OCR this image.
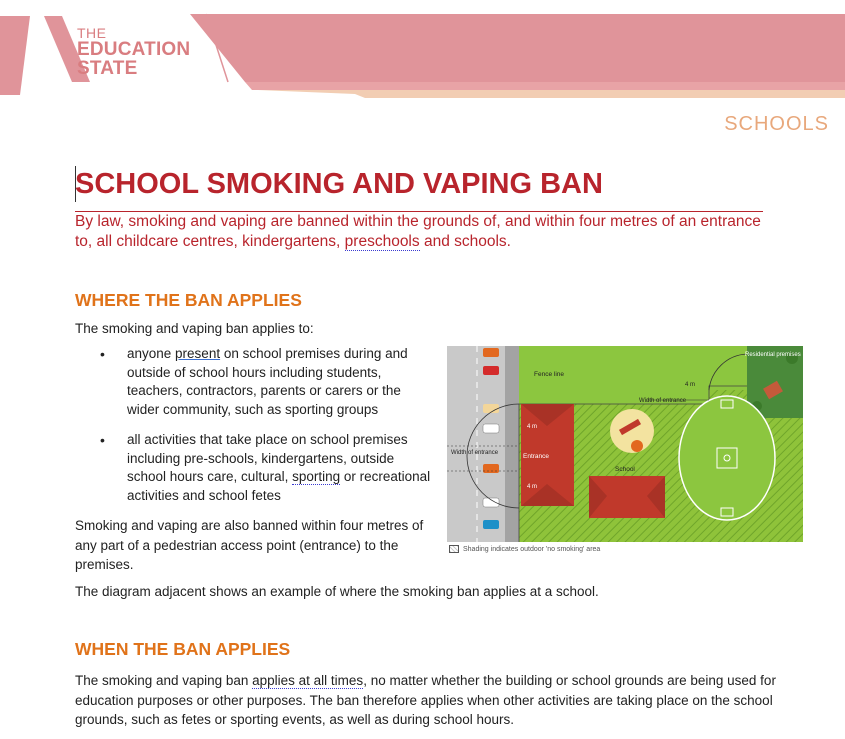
THE
EDUCATION
STATE
SCHOOLS
SCHOOL SMOKING AND VAPING BAN
By law, smoking and vaping are banned within the grounds of, and within four metres of an entrance to, all childcare centres, kindergartens, preschools and schools.
WHERE THE BAN APPLIES

The smoking and vaping ban applies to:

• anyone present on school premises during and outside of school hours including students, teachers, contractors, parents or carers or the wider community, such as sporting groups
• all activities that take place on school premises including pre-schools, kindergartens, outside school hours care, cultural, sporting or recreational activities and school fetes

Smoking and vaping are also banned within four metres of any part of a pedestrian access point (entrance) to the premises.

The diagram adjacent shows an example of where the smoking ban applies at a school.

Fence line
Residential premises
Width of entrance
Width of entrance	Entrance
School
4 m
4 m
4 m
Shading indicates outdoor 'no smoking' area
WHEN THE BAN APPLIES

The smoking and vaping ban applies at all times, no matter whether the building or school grounds are being used for education purposes or other purposes. The ban therefore applies when other activities are taking place on the school grounds, such as fetes or sporting events, as well as during school hours.
